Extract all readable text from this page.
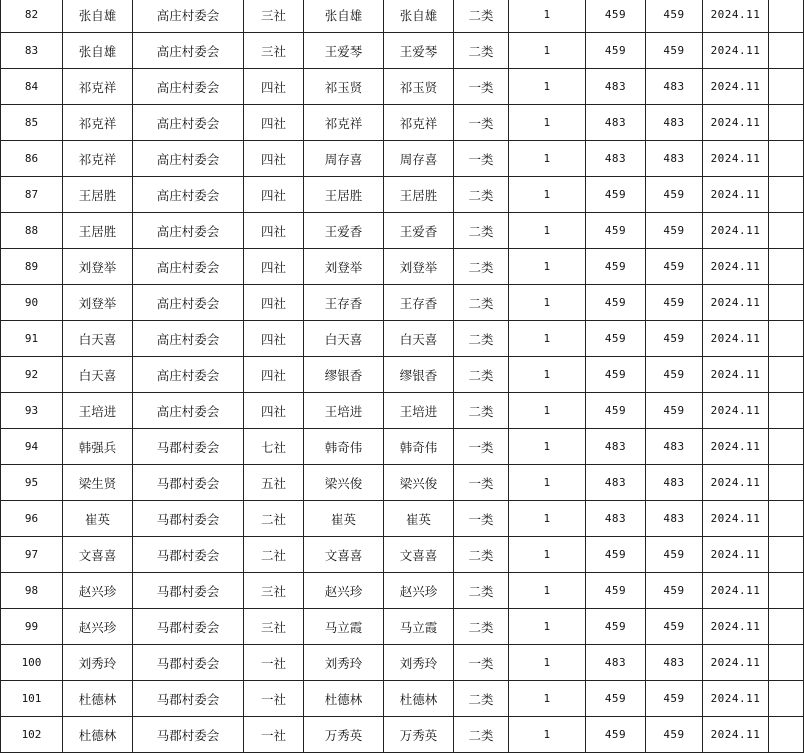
82	张自雄	高庄村委会	三社	张自雄	张自雄	二类	1	459	459	2024.11	
83	张自雄	高庄村委会	三社	王爱琴	王爱琴	二类	1	459	459	2024.11	
84	祁克祥	高庄村委会	四社	祁玉贤	祁玉贤	一类	1	483	483	2024.11	
85	祁克祥	高庄村委会	四社	祁克祥	祁克祥	一类	1	483	483	2024.11	
86	祁克祥	高庄村委会	四社	周存喜	周存喜	一类	1	483	483	2024.11	
87	王居胜	高庄村委会	四社	王居胜	王居胜	二类	1	459	459	2024.11	
88	王居胜	高庄村委会	四社	王爱香	王爱香	二类	1	459	459	2024.11	
89	刘登举	高庄村委会	四社	刘登举	刘登举	二类	1	459	459	2024.11	
90	刘登举	高庄村委会	四社	王存香	王存香	二类	1	459	459	2024.11	
91	白天喜	高庄村委会	四社	白天喜	白天喜	二类	1	459	459	2024.11	
92	白天喜	高庄村委会	四社	缪银香	缪银香	二类	1	459	459	2024.11	
93	王培进	高庄村委会	四社	王培进	王培进	二类	1	459	459	2024.11	
94	韩强兵	马郡村委会	七社	韩奇伟	韩奇伟	一类	1	483	483	2024.11	
95	梁生贤	马郡村委会	五社	梁兴俊	梁兴俊	一类	1	483	483	2024.11	
96	崔英	马郡村委会	二社	崔英	崔英	一类	1	483	483	2024.11	
97	文喜喜	马郡村委会	二社	文喜喜	文喜喜	二类	1	459	459	2024.11	
98	赵兴珍	马郡村委会	三社	赵兴珍	赵兴珍	二类	1	459	459	2024.11	
99	赵兴珍	马郡村委会	三社	马立霞	马立霞	二类	1	459	459	2024.11	
100	刘秀玲	马郡村委会	一社	刘秀玲	刘秀玲	一类	1	483	483	2024.11	
101	杜德林	马郡村委会	一社	杜德林	杜德林	二类	1	459	459	2024.11	
102	杜德林	马郡村委会	一社	万秀英	万秀英	二类	1	459	459	2024.11	
